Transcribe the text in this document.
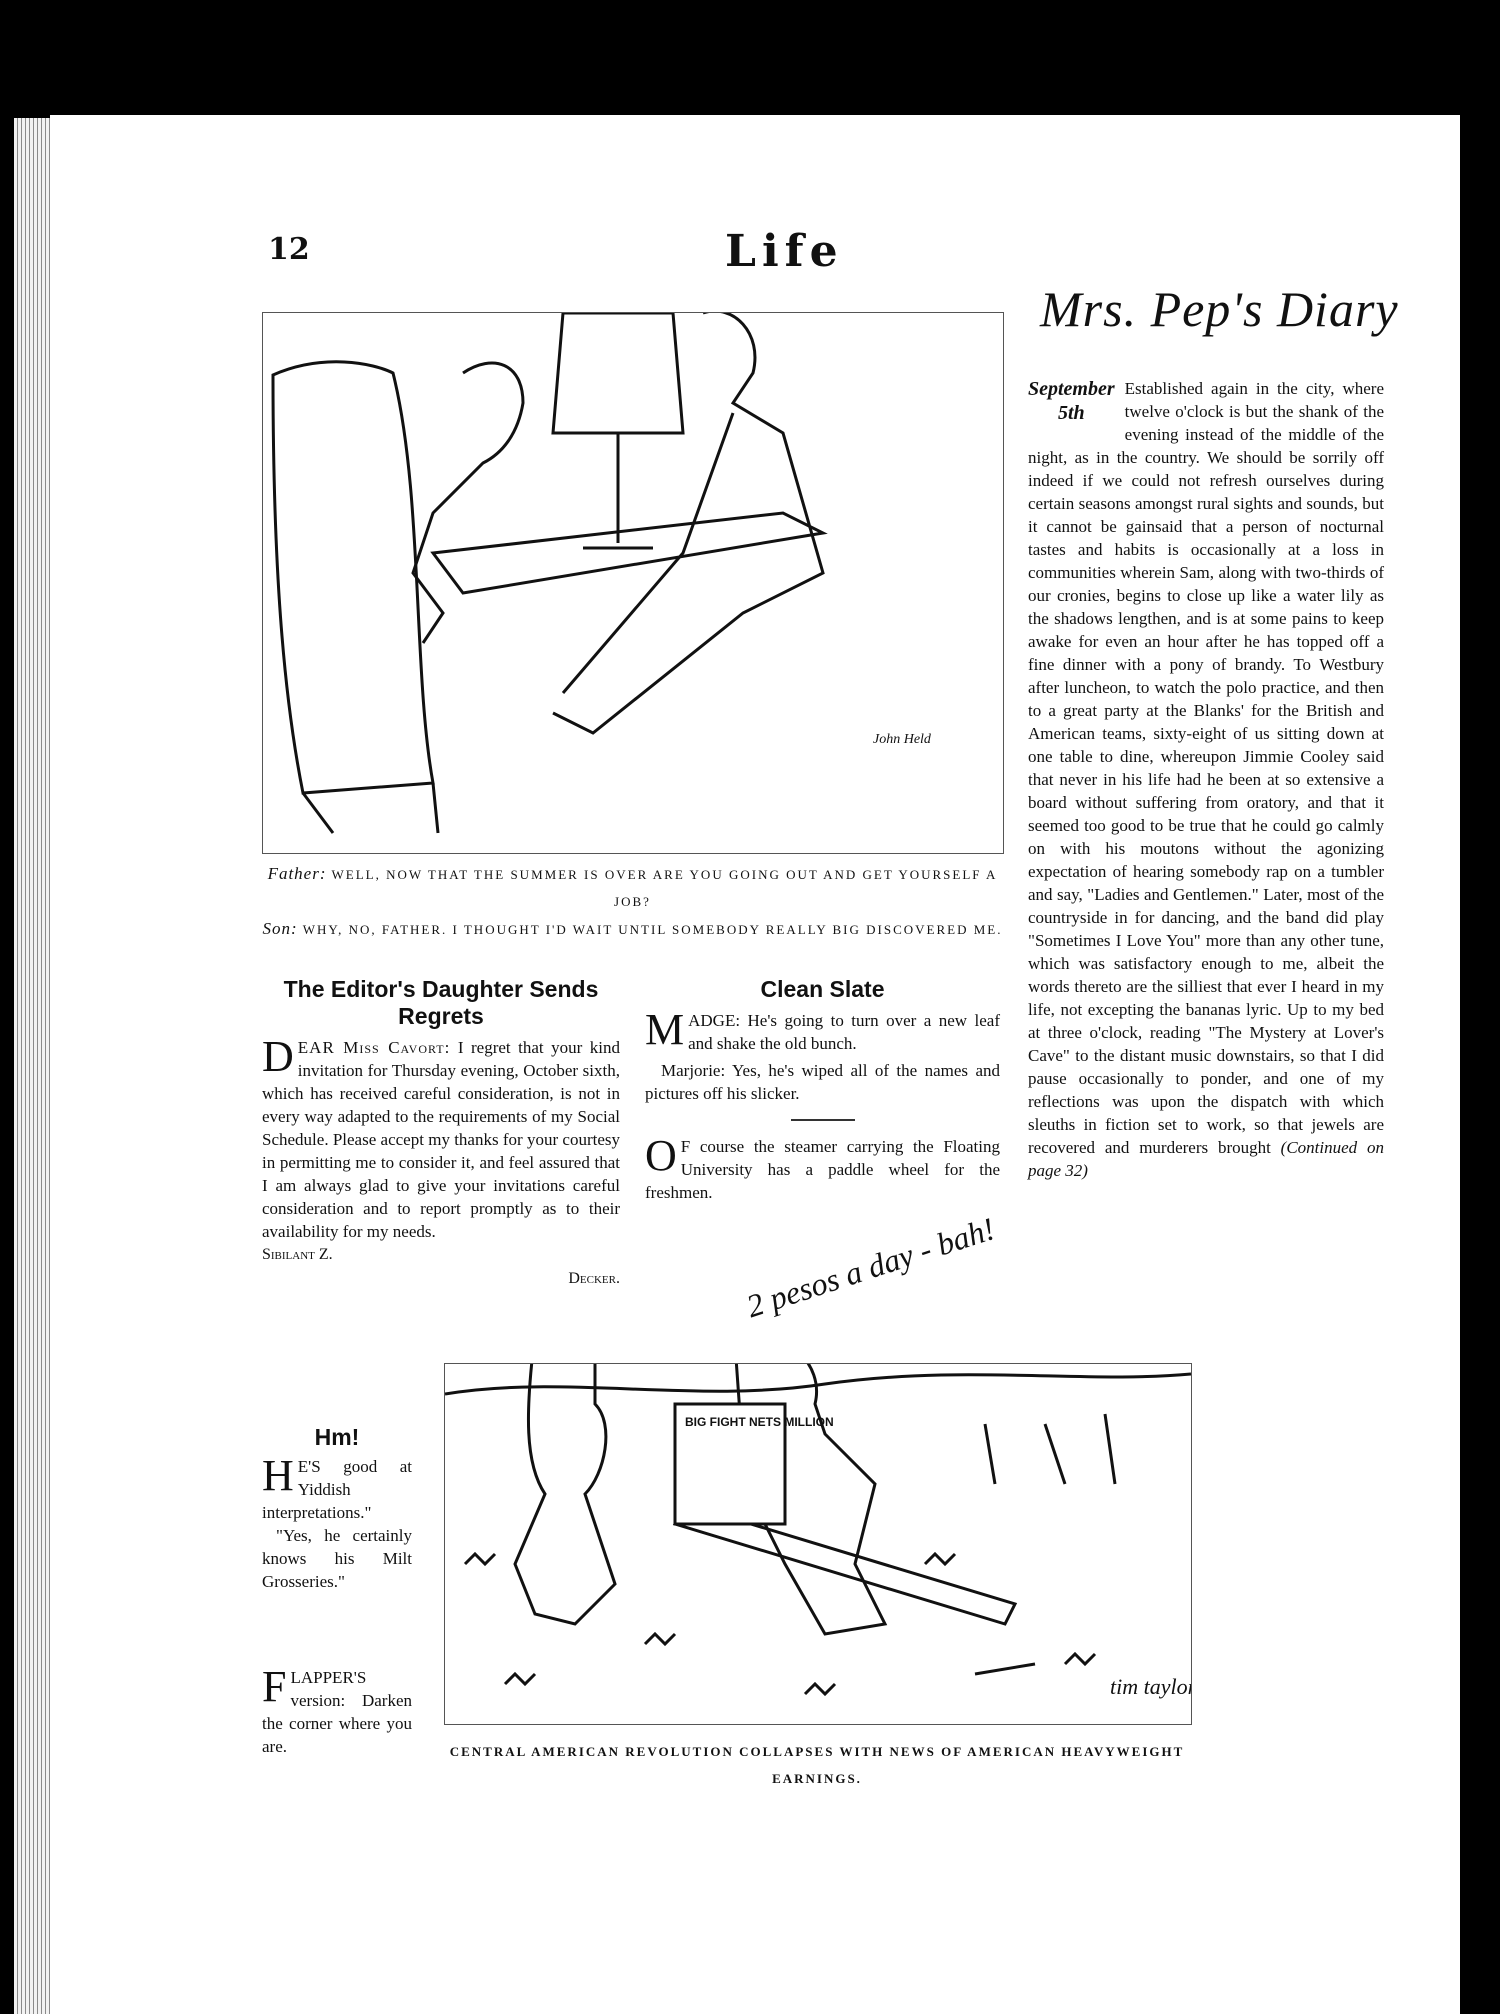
12	Life
John Held
Father: WELL, NOW THAT THE SUMMER IS OVER ARE YOU GOING OUT AND GET YOURSELF A JOB?
Son: WHY, NO, FATHER. I THOUGHT I'D WAIT UNTIL SOMEBODY REALLY BIG DISCOVERED ME.
The Editor's Daughter Sends Regrets
D EAR Miss Cavort: I regret that your kind invitation for Thursday evening, October sixth, which has received careful consideration, is not in every way adapted to the requirements of my Social Schedule. Please accept my thanks for your courtesy in permitting me to consider it, and feel assured that I am always glad to give your invitations careful consideration and to report promptly as to their availability for my needs.
Sibilant Z.
Decker.
Hm!
H E'S good at Yiddish interpretations."
"Yes, he certainly knows his Milt Grosseries."
F LAPPER'S version: Darken the corner where you are.
Clean Slate
M ADGE: He's going to turn over a new leaf and shake the old bunch.
Marjorie: Yes, he's wiped all of the names and pictures off his slicker.
O F course the steamer carrying the Floating University has a paddle wheel for the freshmen.
BIG FIGHT NETS MILLION
tim taylor
2 pesos a day - bah!
CENTRAL AMERICAN REVOLUTION COLLAPSES WITH NEWS OF AMERICAN HEAVYWEIGHT EARNINGS.
Mrs. Pep's Diary
September
5th
Established again in the city, where twelve o'clock is but the shank of the evening instead of the middle of the night, as in the country. We should be sorrily off indeed if we could not refresh ourselves during certain seasons amongst rural sights and sounds, but it cannot be gainsaid that a person of nocturnal tastes and habits is occasionally at a loss in communities wherein Sam, along with two-thirds of our cronies, begins to close up like a water lily as the shadows lengthen, and is at some pains to keep awake for even an hour after he has topped off a fine dinner with a pony of brandy. To Westbury after luncheon, to watch the polo practice, and then to a great party at the Blanks' for the British and American teams, sixty-eight of us sitting down at one table to dine, whereupon Jimmie Cooley said that never in his life had he been at so extensive a board without suffering from oratory, and that it seemed too good to be true that he could go calmly on with his moutons without the agonizing expectation of hearing somebody rap on a tumbler and say, "Ladies and Gentlemen." Later, most of the countryside in for dancing, and the band did play "Sometimes I Love You" more than any other tune, which was satisfactory enough to me, albeit the words thereto are the silliest that ever I heard in my life, not excepting the bananas lyric. Up to my bed at three o'clock, reading "The Mystery at Lover's Cave" to the distant music downstairs, so that I did pause occasionally to ponder, and one of my reflections was upon the dispatch with which sleuths in fiction set to work, so that jewels are recovered and murderers brought (Continued on page 32)
comicbooks.com
